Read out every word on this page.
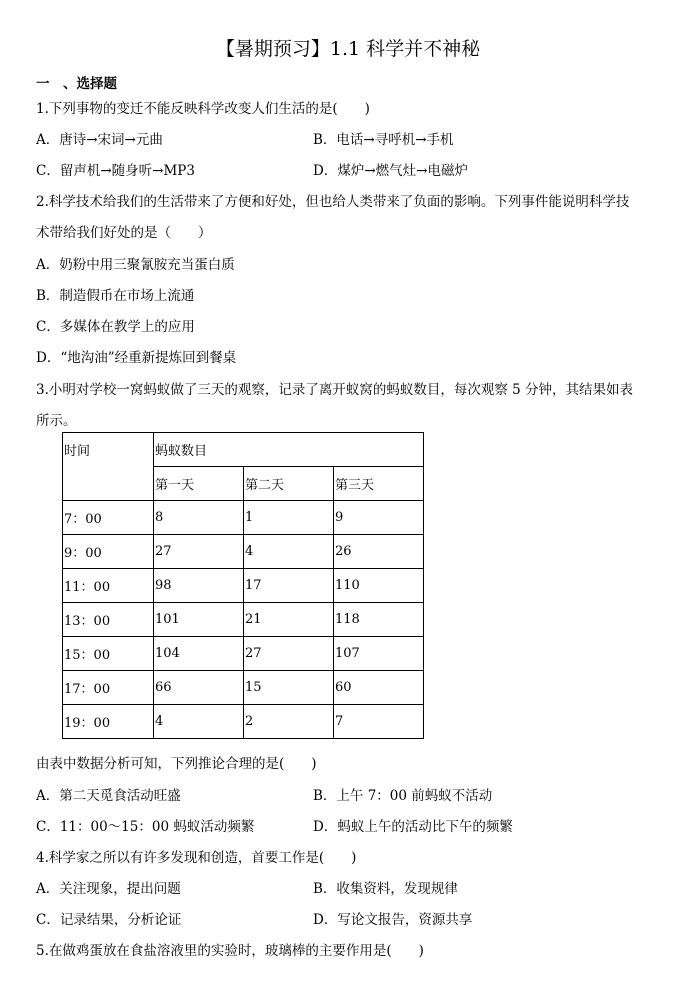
【暑期预习】1.1 科学并不神秘
一　、选择题
1.下列事物的变迁不能反映科学改变人们生活的是(　　)
A．唐诗→宋词→元曲	B．电话→寻呼机→手机
C．留声机→随身听→MP3	D．煤炉→燃气灶→电磁炉
2.科学技术给我们的生活带来了方便和好处，但也给人类带来了负面的影响。下列事件能说明科学技
术带给我们好处的是（　　）
A．奶粉中用三聚氰胺充当蛋白质
B．制造假币在市场上流通
C．多媒体在教学上的应用
D．“地沟油”经重新提炼回到餐桌
3.小明对学校一窝蚂蚁做了三天的观察，记录了离开蚁窝的蚂蚁数目，每次观察 5 分钟，其结果如表
所示。
时间	蚂蚁数目		
	第一天	第二天	第三天
7：00	8	1	9
9：00	27	4	26
11：00	98	17	110
13：00	101	21	118
15：00	104	27	107
17：00	66	15	60
19：00	4	2	7
由表中数据分析可知，下列推论合理的是(　　)
A．第二天觅食活动旺盛	B．上午 7：00 前蚂蚁不活动
C．11：00～15：00 蚂蚁活动频繁	D．蚂蚁上午的活动比下午的频繁
4.科学家之所以有许多发现和创造，首要工作是(　　)
A．关注现象，提出问题	B．收集资料，发现规律
C．记录结果，分析论证	D．写论文报告，资源共享
5.在做鸡蛋放在食盐溶液里的实验时，玻璃棒的主要作用是(　　)
